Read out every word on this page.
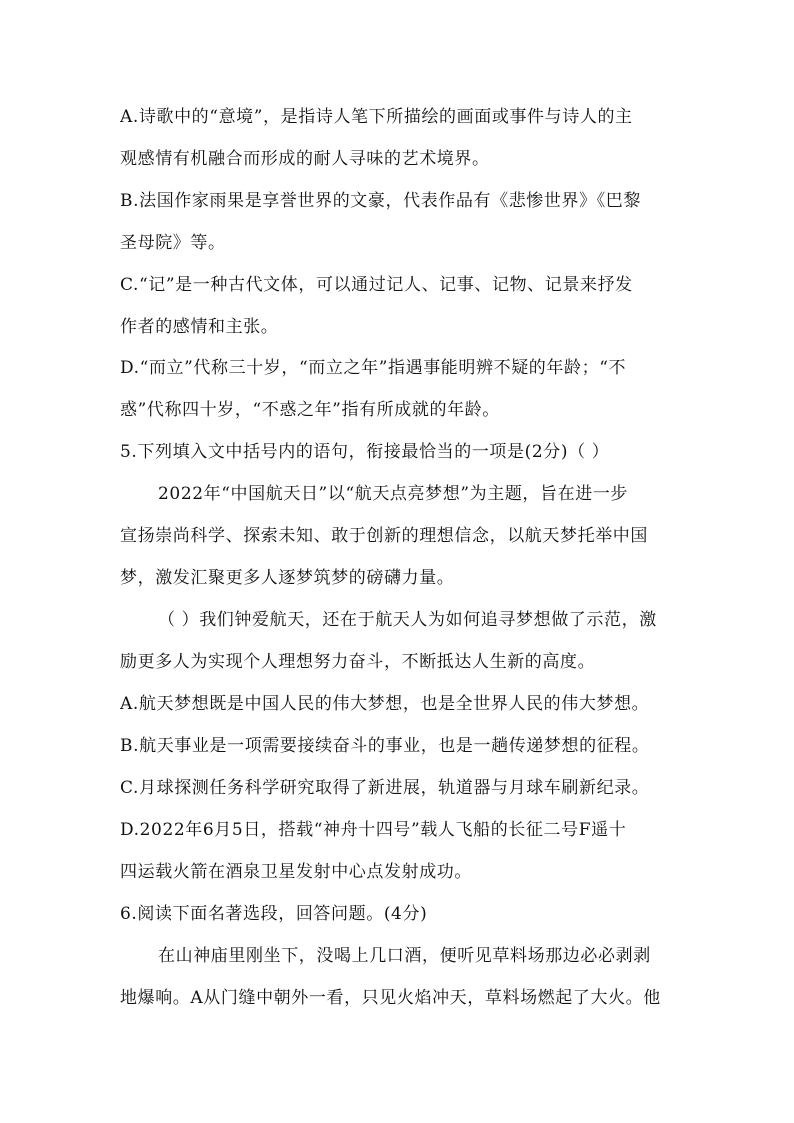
A.诗歌中的“意境”，是指诗人笔下所描绘的画面或事件与诗人的主
观感情有机融合而形成的耐人寻味的艺术境界。
B.法国作家雨果是享誉世界的文豪，代表作品有《悲惨世界》《巴黎
圣母院》等。
C.“记”是一种古代文体，可以通过记人、记事、记物、记景来抒发
作者的感情和主张。
D.“而立”代称三十岁，“而立之年”指遇事能明辨不疑的年龄；“不
惑”代称四十岁，“不惑之年”指有所成就的年龄。
5.下列填入文中括号内的语句，衔接最恰当的一项是(2分)（ ）
2022年“中国航天日”以“航天点亮梦想”为主题，旨在进一步
宣扬崇尚科学、探索未知、敢于创新的理想信念，以航天梦托举中国
梦，激发汇聚更多人逐梦筑梦的磅礴力量。
（ ）我们钟爱航天，还在于航天人为如何追寻梦想做了示范，激
励更多人为实现个人理想努力奋斗，不断抵达人生新的高度。
A.航天梦想既是中国人民的伟大梦想，也是全世界人民的伟大梦想。
B.航天事业是一项需要接续奋斗的事业，也是一趟传递梦想的征程。
C.月球探测任务科学研究取得了新进展，轨道器与月球车刷新纪录。
D.2022年6月5日，搭载“神舟十四号”载人飞船的长征二号F遥十
四运载火箭在酒泉卫星发射中心点发射成功。
6.阅读下面名著选段，回答问题。(4分)
在山神庙里刚坐下，没喝上几口酒，便听见草料场那边必必剥剥
地爆响。A从门缝中朝外一看，只见火焰冲天，草料场燃起了大火。他
